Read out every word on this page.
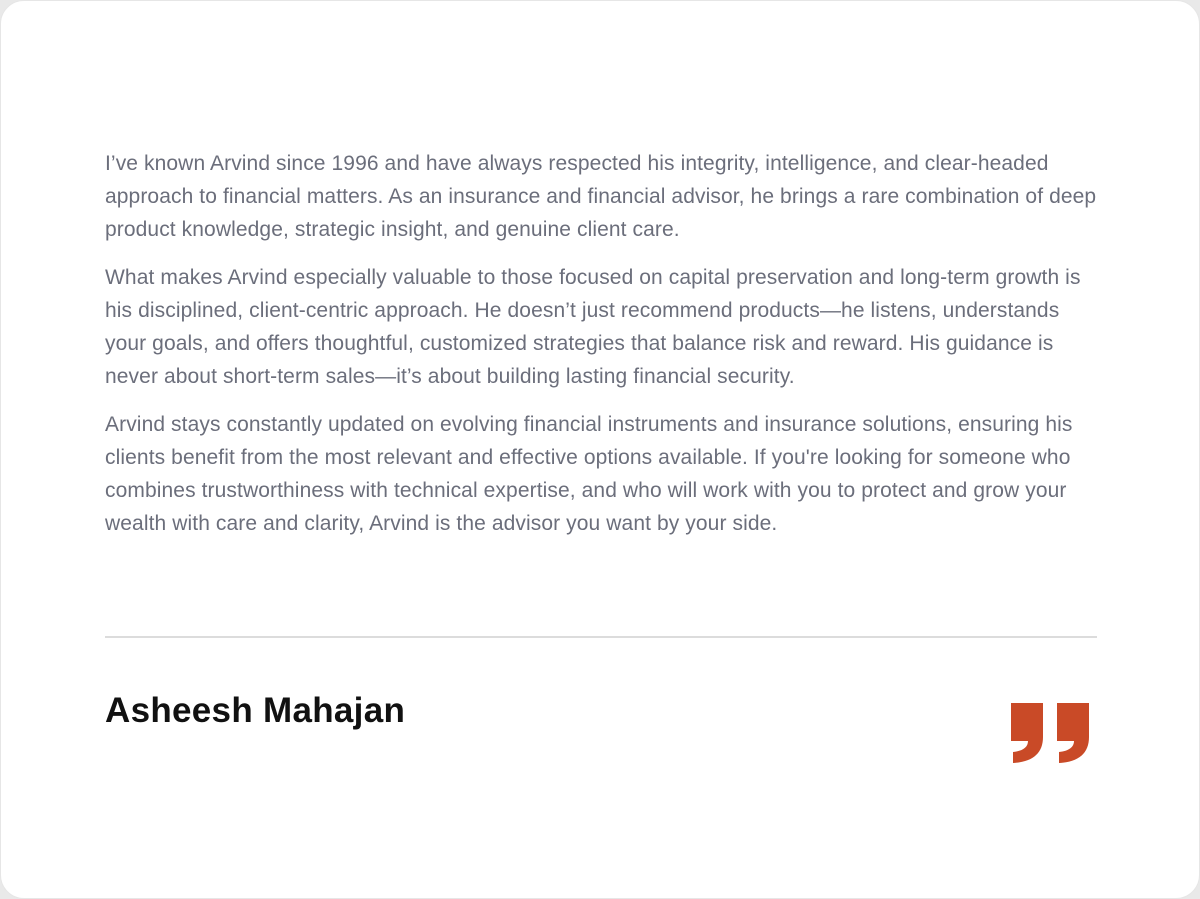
I’ve known Arvind since 1996 and have always respected his integrity, intelligence, and clear-headed approach to financial matters. As an insurance and financial advisor, he brings a rare combination of deep product knowledge, strategic insight, and genuine client care.

What makes Arvind especially valuable to those focused on capital preservation and long-term growth is his disciplined, client-centric approach. He doesn’t just recommend products—he listens, understands your goals, and offers thoughtful, customized strategies that balance risk and reward. His guidance is never about short-term sales—it’s about building lasting financial security.

Arvind stays constantly updated on evolving financial instruments and insurance solutions, ensuring his clients benefit from the most relevant and effective options available. If you're looking for someone who combines trustworthiness with technical expertise, and who will work with you to protect and grow your wealth with care and clarity, Arvind is the advisor you want by your side.

Asheesh Mahajan
